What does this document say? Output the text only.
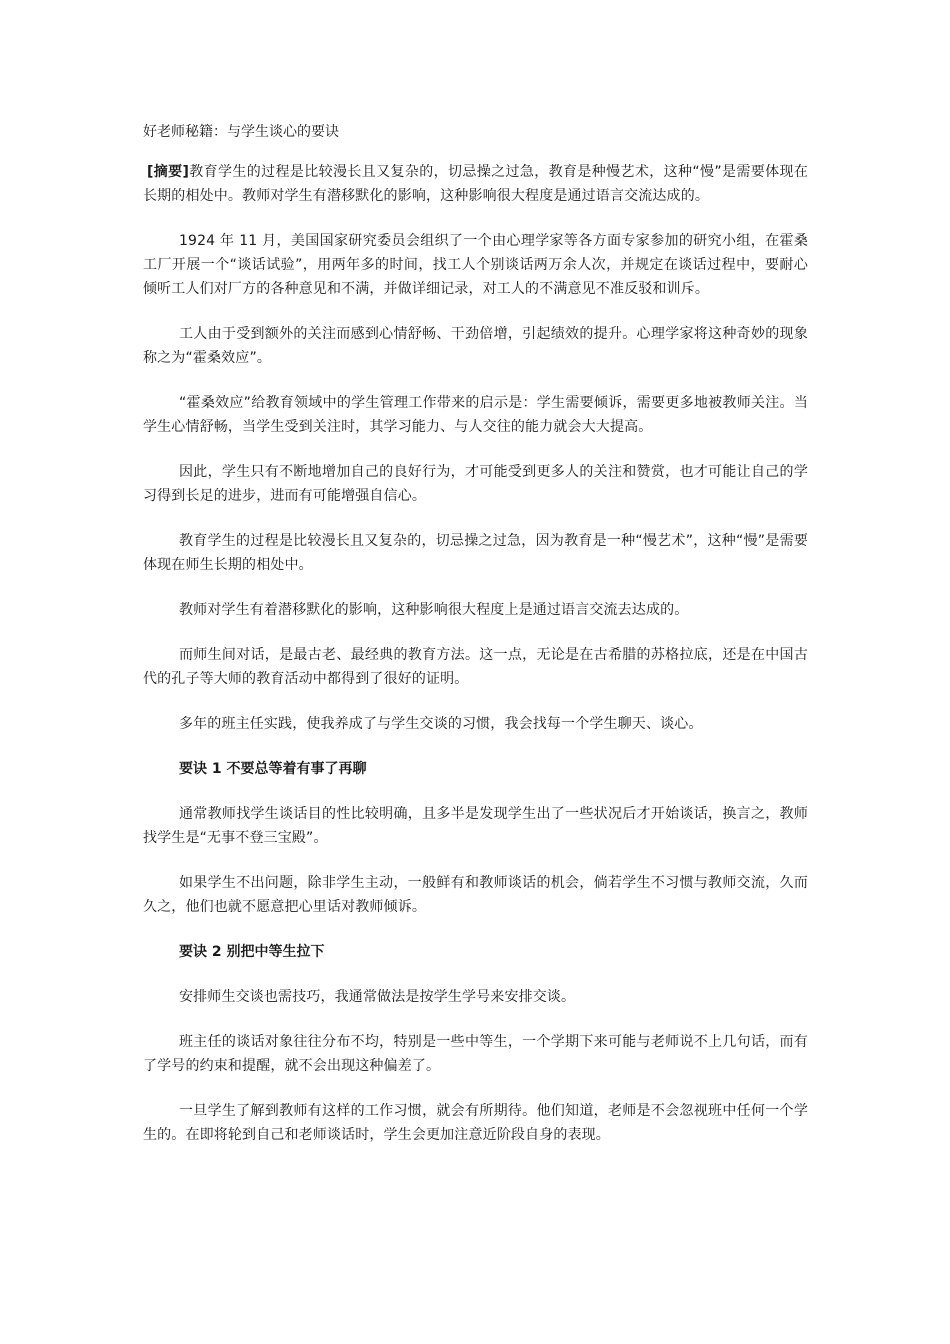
好老师秘籍：与学生谈心的要诀

[摘要]教育学生的过程是比较漫长且又复杂的，切忌操之过急，教育是种慢艺术，这种“慢”是需要体现在长期的相处中。教师对学生有潜移默化的影响，这种影响很大程度是通过语言交流达成的。

1924 年 11 月，美国国家研究委员会组织了一个由心理学家等各方面专家参加的研究小组，在霍桑工厂开展一个“谈话试验”，用两年多的时间，找工人个别谈话两万余人次，并规定在谈话过程中，要耐心倾听工人们对厂方的各种意见和不满，并做详细记录，对工人的不满意见不准反驳和训斥。

工人由于受到额外的关注而感到心情舒畅、干劲倍增，引起绩效的提升。心理学家将这种奇妙的现象称之为“霍桑效应”。

“霍桑效应”给教育领域中的学生管理工作带来的启示是：学生需要倾诉，需要更多地被教师关注。当学生心情舒畅，当学生受到关注时，其学习能力、与人交往的能力就会大大提高。

因此，学生只有不断地增加自己的良好行为，才可能受到更多人的关注和赞赏，也才可能让自己的学习得到长足的进步，进而有可能增强自信心。

教育学生的过程是比较漫长且又复杂的，切忌操之过急，因为教育是一种“慢艺术”，这种“慢”是需要体现在师生长期的相处中。

教师对学生有着潜移默化的影响，这种影响很大程度上是通过语言交流去达成的。

而师生间对话，是最古老、最经典的教育方法。这一点，无论是在古希腊的苏格拉底，还是在中国古代的孔子等大师的教育活动中都得到了很好的证明。

多年的班主任实践，使我养成了与学生交谈的习惯，我会找每一个学生聊天、谈心。

要诀 1 不要总等着有事了再聊

通常教师找学生谈话目的性比较明确，且多半是发现学生出了一些状况后才开始谈话，换言之，教师找学生是“无事不登三宝殿”。

如果学生不出问题，除非学生主动，一般鲜有和教师谈话的机会，倘若学生不习惯与教师交流，久而久之，他们也就不愿意把心里话对教师倾诉。

要诀 2 别把中等生拉下

安排师生交谈也需技巧，我通常做法是按学生学号来安排交谈。

班主任的谈话对象往往分布不均，特别是一些中等生，一个学期下来可能与老师说不上几句话，而有了学号的约束和提醒，就不会出现这种偏差了。

一旦学生了解到教师有这样的工作习惯，就会有所期待。他们知道，老师是不会忽视班中任何一个学生的。在即将轮到自己和老师谈话时，学生会更加注意近阶段自身的表现。
